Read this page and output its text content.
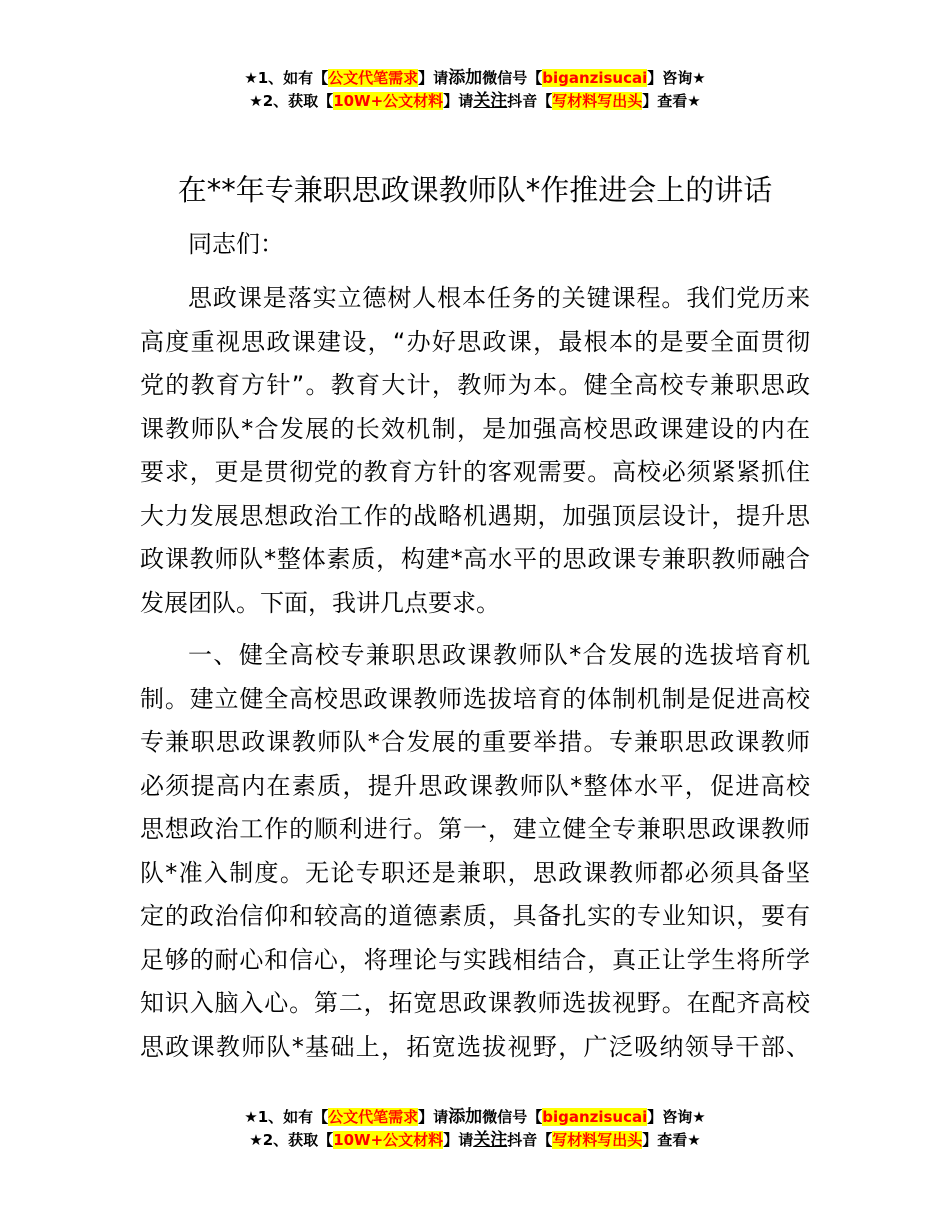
★1、如有【公文代笔需求】请添加微信号【biganzisucai】咨询★
★2、获取【10W+公文材料】请关注抖音【写材料写出头】查看★
在**年专兼职思政课教师队*作推进会上的讲话
同志们：
思政课是落实立德树人根本任务的关键课程。我们党历来
高度重视思政课建设，“办好思政课，最根本的是要全面贯彻
党的教育方针”。教育大计，教师为本。健全高校专兼职思政
课教师队*合发展的长效机制，是加强高校思政课建设的内在
要求，更是贯彻党的教育方针的客观需要。高校必须紧紧抓住
大力发展思想政治工作的战略机遇期，加强顶层设计，提升思
政课教师队*整体素质，构建*高水平的思政课专兼职教师融合
发展团队。下面，我讲几点要求。
一、健全高校专兼职思政课教师队*合发展的选拔培育机
制。建立健全高校思政课教师选拔培育的体制机制是促进高校
专兼职思政课教师队*合发展的重要举措。专兼职思政课教师
必须提高内在素质，提升思政课教师队*整体水平，促进高校
思想政治工作的顺利进行。第一，建立健全专兼职思政课教师
队*准入制度。无论专职还是兼职，思政课教师都必须具备坚
定的政治信仰和较高的道德素质，具备扎实的专业知识，要有
足够的耐心和信心，将理论与实践相结合，真正让学生将所学
知识入脑入心。第二，拓宽思政课教师选拔视野。在配齐高校
思政课教师队*基础上，拓宽选拔视野，广泛吸纳领导干部、
★1、如有【公文代笔需求】请添加微信号【biganzisucai】咨询★
★2、获取【10W+公文材料】请关注抖音【写材料写出头】查看★
